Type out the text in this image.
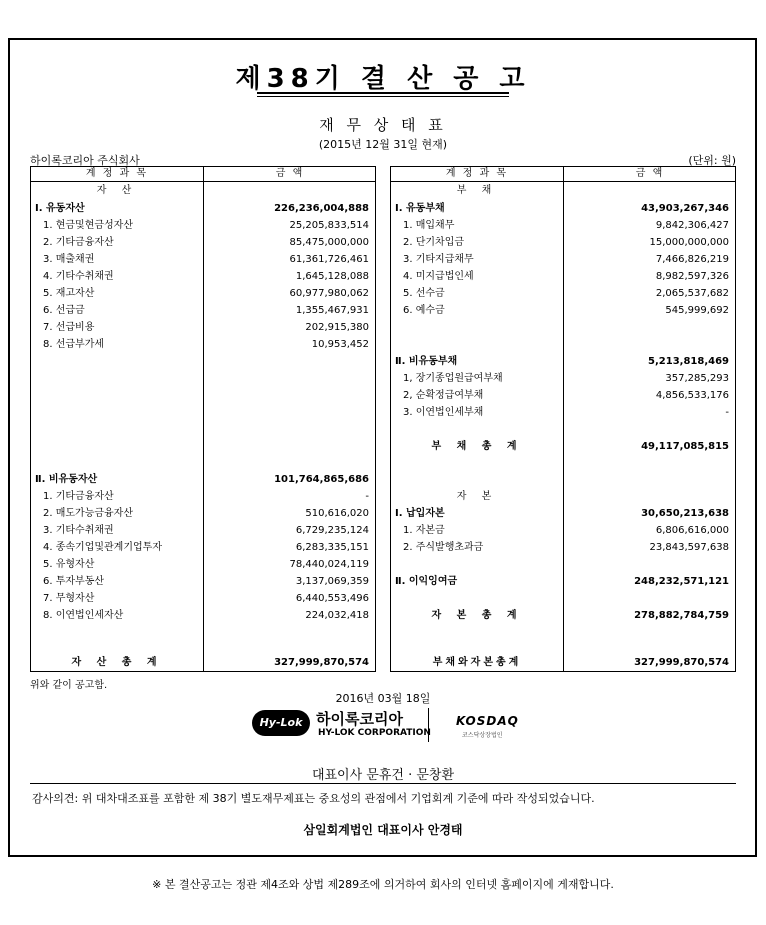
제38기 결 산 공 고
재 무 상 태 표
(2015년 12월 31일 현재)
하이록코리아 주식회사	(단위: 원)
계 정 과 목	금 액
자 산
Ⅰ. 유동자산	226,236,004,888
1. 현금및현금성자산	25,205,833,514
2. 기타금융자산	85,475,000,000
3. 매출채권	61,361,726,461
4. 기타수취채권	1,645,128,088
5. 재고자산	60,977,980,062
6. 선급금	1,355,467,931
7. 선급비용	202,915,380
8. 선급부가세	10,953,452
Ⅱ. 비유동자산	101,764,865,686
1. 기타금융자산	-
2. 매도가능금융자산	510,616,020
3. 기타수취채권	6,729,235,124
4. 종속기업및관계기업투자	6,283,335,151
5. 유형자산	78,440,024,119
6. 투자부동산	3,137,069,359
7. 무형자산	6,440,553,496
8. 이연법인세자산	224,032,418
자 산 총 계	327,999,870,574
계 정 과 목	금 액
부 채
Ⅰ. 유동부채	43,903,267,346
1. 매입채무	9,842,306,427
2. 단기차입금	15,000,000,000
3. 기타지급채무	7,466,826,219
4. 미지급법인세	8,982,597,326
5. 선수금	2,065,537,682
6. 예수금	545,999,692
Ⅱ. 비유동부채	5,213,818,469
1, 장기종업원급여부채	357,285,293
2, 순확정급여부채	4,856,533,176
3. 이연법인세부채	-
부 채 총 계	49,117,085,815
자 본
Ⅰ. 납입자본	30,650,213,638
1. 자본금	6,806,616,000
2. 주식발행초과금	23,843,597,638
Ⅱ. 이익잉여금	248,232,571,121
자 본 총 계	278,882,784,759
부채와자본총계	327,999,870,574
위와 같이 공고함.
2016년 03월 18일
Hy-Lok 하이록코리아
HY-LOK CORPORATION
KOSDAQ
코스닥상장법인
대표이사 문휴건 · 문창환
감사의견: 위 대차대조표를 포함한 제 38기 별도재무제표는 중요성의 관점에서 기업회계 기준에 따라 작성되었습니다.
삼일회계법인 대표이사 안경태
※ 본 결산공고는 정관 제4조와 상법 제289조에 의거하여 회사의 인터넷 홈페이지에 게재합니다.
